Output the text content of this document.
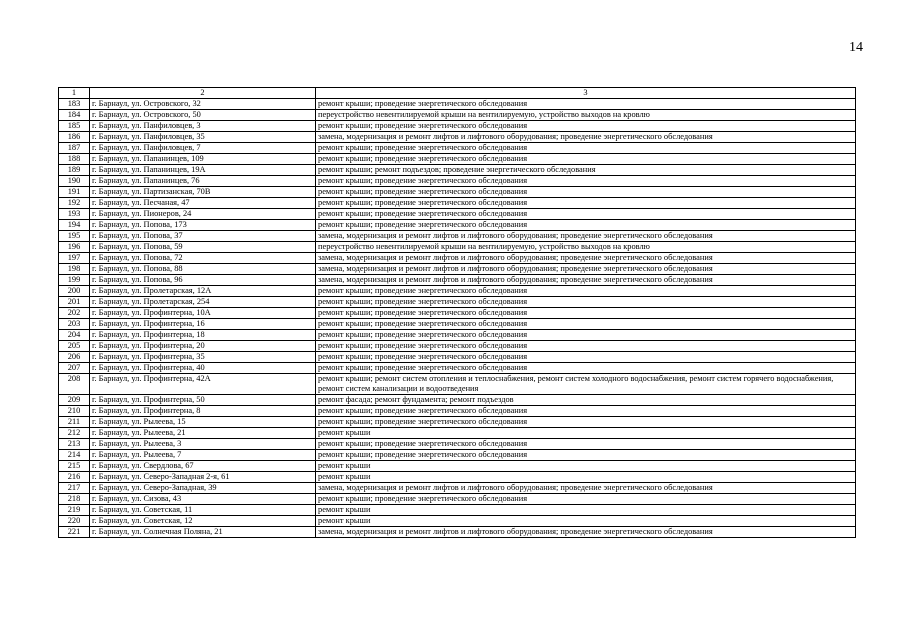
14
1	2	3
183	г. Барнаул, ул. Островского, 32	ремонт крыши; проведение энергетического обследования
184	г. Барнаул, ул. Островского, 50	переустройство невентилируемой крыши на вентилируемую, устройство выходов на кровлю
185	г. Барнаул, ул. Панфиловцев, 3	ремонт крыши; проведение энергетического обследования
186	г. Барнаул, ул. Панфиловцев, 35	замена, модернизация и ремонт лифтов и лифтового оборудования; проведение энергетического обследования
187	г. Барнаул, ул. Панфиловцев, 7	ремонт крыши; проведение энергетического обследования
188	г. Барнаул, ул. Папанинцев, 109	ремонт крыши; проведение энергетического обследования
189	г. Барнаул, ул. Папанинцев, 19А	ремонт крыши; ремонт подъездов; проведение энергетического обследования
190	г. Барнаул, ул. Папанинцев, 76	ремонт крыши; проведение энергетического обследования
191	г. Барнаул, ул. Партизанская, 70В	ремонт крыши; проведение энергетического обследования
192	г. Барнаул, ул. Песчаная, 47	ремонт крыши; проведение энергетического обследования
193	г. Барнаул, ул. Пионеров, 24	ремонт крыши; проведение энергетического обследования
194	г. Барнаул, ул. Попова, 173	ремонт крыши; проведение энергетического обследования
195	г. Барнаул, ул. Попова, 37	замена, модернизация и ремонт лифтов и лифтового оборудования; проведение энергетического обследования
196	г. Барнаул, ул. Попова, 59	переустройство невентилируемой крыши на вентилируемую, устройство выходов на кровлю
197	г. Барнаул, ул. Попова, 72	замена, модернизация и ремонт лифтов и лифтового оборудования; проведение энергетического обследования
198	г. Барнаул, ул. Попова, 88	замена, модернизация и ремонт лифтов и лифтового оборудования; проведение энергетического обследования
199	г. Барнаул, ул. Попова, 96	замена, модернизация и ремонт лифтов и лифтового оборудования; проведение энергетического обследования
200	г. Барнаул, ул. Пролетарская, 12А	ремонт крыши; проведение энергетического обследования
201	г. Барнаул, ул. Пролетарская, 254	ремонт крыши; проведение энергетического обследования
202	г. Барнаул, ул. Профинтерна, 10А	ремонт крыши; проведение энергетического обследования
203	г. Барнаул, ул. Профинтерна, 16	ремонт крыши; проведение энергетического обследования
204	г. Барнаул, ул. Профинтерна, 18	ремонт крыши; проведение энергетического обследования
205	г. Барнаул, ул. Профинтерна, 20	ремонт крыши; проведение энергетического обследования
206	г. Барнаул, ул. Профинтерна, 35	ремонт крыши; проведение энергетического обследования
207	г. Барнаул, ул. Профинтерна, 40	ремонт крыши; проведение энергетического обследования
208	г. Барнаул, ул. Профинтерна, 42А	ремонт крыши; ремонт систем отопления и теплоснабжения, ремонт систем холодного водоснабжения, ремонт систем горячего водоснабжения, ремонт систем канализации и водоотведения
209	г. Барнаул, ул. Профинтерна, 50	ремонт фасада; ремонт фундамента; ремонт подъездов
210	г. Барнаул, ул. Профинтерна, 8	ремонт крыши; проведение энергетического обследования
211	г. Барнаул, ул. Рылеева, 15	ремонт крыши; проведение энергетического обследования
212	г. Барнаул, ул. Рылеева, 21	ремонт крыши
213	г. Барнаул, ул. Рылеева, 3	ремонт крыши; проведение энергетического обследования
214	г. Барнаул, ул. Рылеева, 7	ремонт крыши; проведение энергетического обследования
215	г. Барнаул, ул. Свердлова, 67	ремонт крыши
216	г. Барнаул, ул. Северо-Западная 2-я, 61	ремонт крыши
217	г. Барнаул, ул. Северо-Западная, 39	замена, модернизация и ремонт лифтов и лифтового оборудования; проведение энергетического обследования
218	г. Барнаул, ул. Сизова, 43	ремонт крыши; проведение энергетического обследования
219	г. Барнаул, ул. Советская, 11	ремонт крыши
220	г. Барнаул, ул. Советская, 12	ремонт крыши
221	г. Барнаул, ул. Солнечная Поляна, 21	замена, модернизация и ремонт лифтов и лифтового оборудования; проведение энергетического обследования
